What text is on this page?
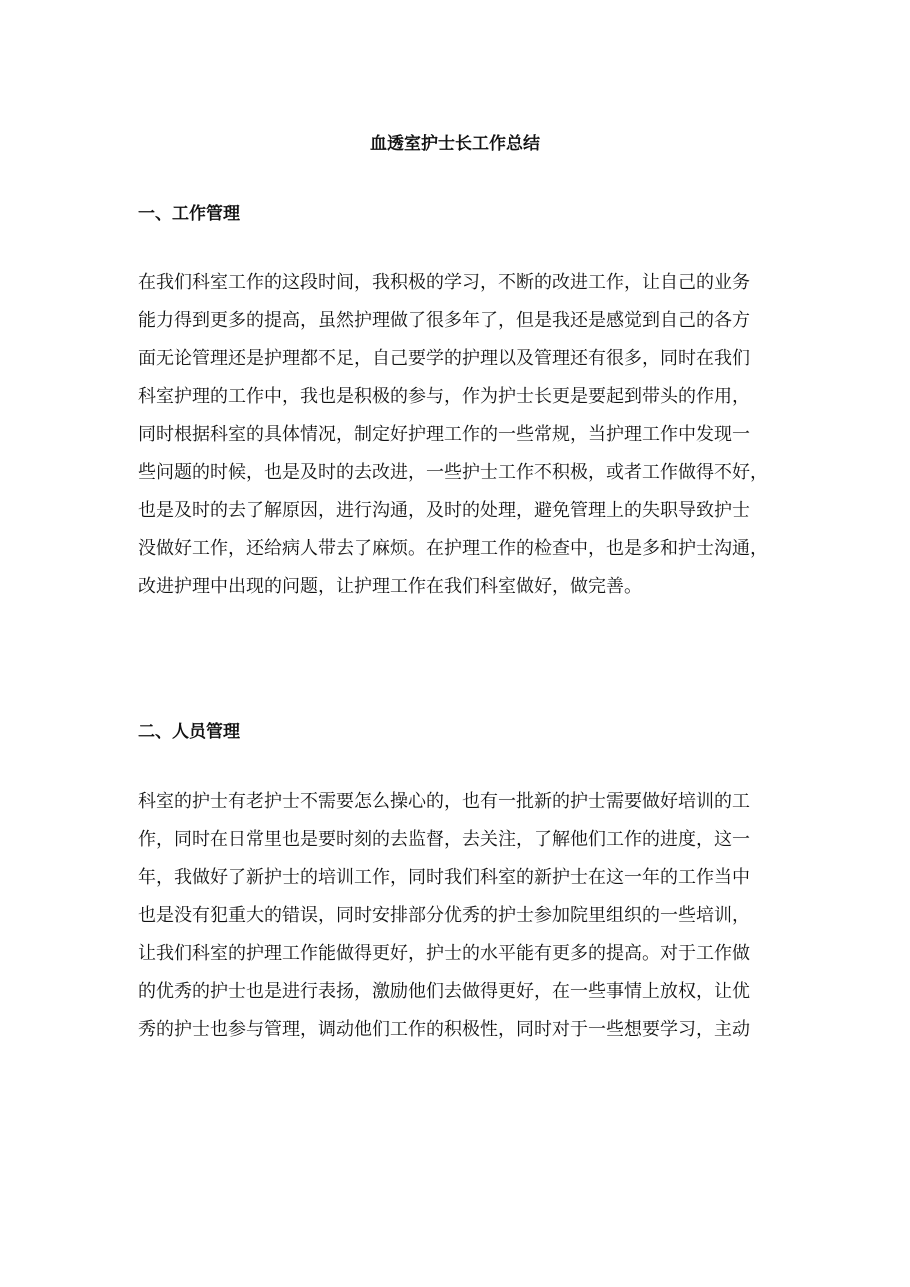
血透室护士长工作总结
一、工作管理

在我们科室工作的这段时间，我积极的学习，不断的改进工作，让自己的业务
能力得到更多的提高，虽然护理做了很多年了，但是我还是感觉到自己的各方
面无论管理还是护理都不足，自己要学的护理以及管理还有很多，同时在我们
科室护理的工作中，我也是积极的参与，作为护士长更是要起到带头的作用，
同时根据科室的具体情况，制定好护理工作的一些常规，当护理工作中发现一
些问题的时候，也是及时的去改进，一些护士工作不积极，或者工作做得不好，
也是及时的去了解原因，进行沟通，及时的处理，避免管理上的失职导致护士
没做好工作，还给病人带去了麻烦。在护理工作的检查中，也是多和护士沟通，
改进护理中出现的问题，让护理工作在我们科室做好，做完善。

二、人员管理

科室的护士有老护士不需要怎么操心的，也有一批新的护士需要做好培训的工
作，同时在日常里也是要时刻的去监督，去关注，了解他们工作的进度，这一
年，我做好了新护士的培训工作，同时我们科室的新护士在这一年的工作当中
也是没有犯重大的错误，同时安排部分优秀的护士参加院里组织的一些培训，
让我们科室的护理工作能做得更好，护士的水平能有更多的提高。对于工作做
的优秀的护士也是进行表扬，激励他们去做得更好，在一些事情上放权，让优
秀的护士也参与管理，调动他们工作的积极性，同时对于一些想要学习，主动
